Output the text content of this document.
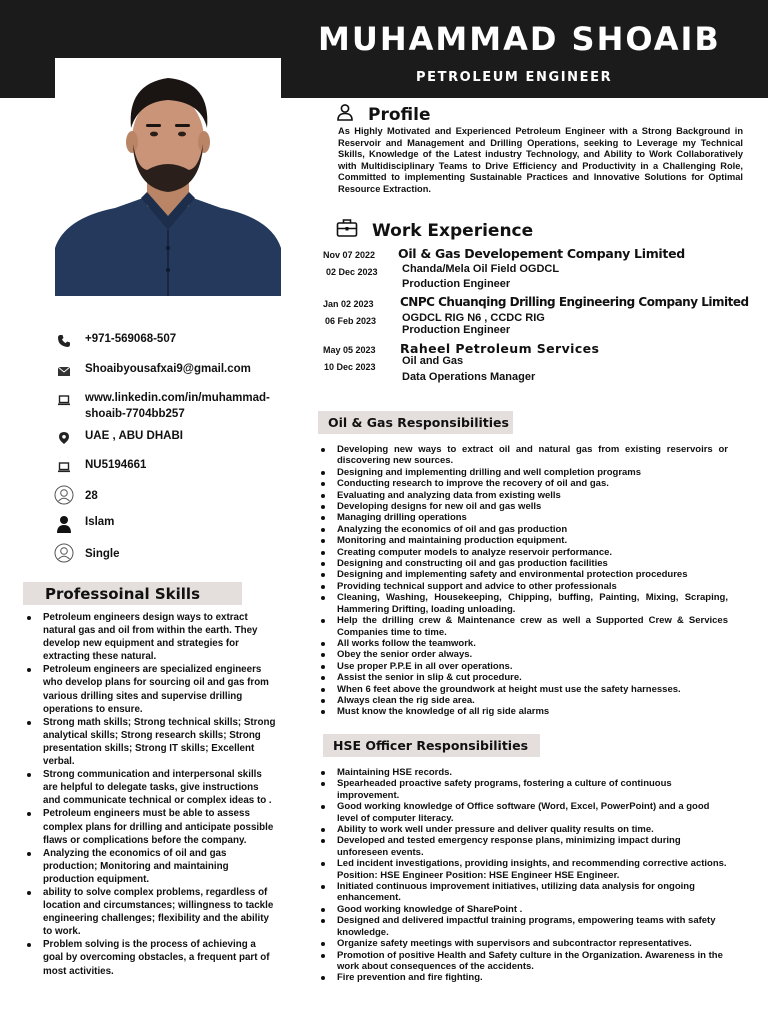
MUHAMMAD SHOAIB
PETROLEUM ENGINEER
+971-569068-507
Shoaibyousafxai9@gmail.com
www.linkedin.com/in/muhammad-shoaib-7704bb257
UAE , ABU DHABI
NU5194661
28
Islam
Single
Professoinal Skills
Petroleum engineers design ways to extract natural gas and oil from within the earth. They develop new equipment and strategies for extracting these natural.
Petroleum engineers are specialized engineers who develop plans for sourcing oil and gas from various drilling sites and supervise drilling operations to ensure.
Strong math skills; Strong technical skills; Strong analytical skills; Strong research skills; Strong presentation skills; Strong IT skills; Excellent verbal.
Strong communication and interpersonal skills are helpful to delegate tasks, give instructions and communicate technical or complex ideas to .
Petroleum engineers must be able to assess complex plans for drilling and anticipate possible flaws or complications before the company.
Analyzing the economics of oil and gas production; Monitoring and maintaining production equipment.
ability to solve complex problems, regardless of location and circumstances; willingness to tackle engineering challenges; flexibility and the ability to work.
Problem solving is the process of achieving a goal by overcoming obstacles, a frequent part of most activities.
Profile
As Highly Motivated and Experienced Petroleum Engineer with a Strong Background in Reservoir and Management and Drilling Operations, seeking to Leverage my Technical Skills, Knowledge of the Latest industry Technology, and Ability to Work Collaboratively with Multidisciplinary Teams to Drive Efficiency and Productivity in a Challenging Role, Committed to implementing Sustainable Practices and Innovative Solutions for Optimal Resource Extraction.
Work Experience
Nov 07 2022
02 Dec 2023
Oil & Gas Developement Company Limited
Chanda/Mela Oil Field OGDCL
Production Engineer
Jan 02 2023
06 Feb 2023
CNPC Chuanqing Drilling Engineering Company Limited
OGDCL RIG N6 , CCDC RIG
Production Engineer
May 05 2023
10 Dec 2023
Raheel Petroleum Services
Oil and Gas
Data Operations Manager
Oil & Gas Responsibilities
Developing new ways to extract oil and natural gas from existing reservoirs or discovering new sources.
Designing and implementing drilling and well completion programs
Conducting research to improve the recovery of oil and gas.
Evaluating and analyzing data from existing wells
Developing designs for new oil and gas wells
Managing drilling operations
Analyzing the economics of oil and gas production
Monitoring and maintaining production equipment.
Creating computer models to analyze reservoir performance.
Designing and constructing oil and gas production facilities
Designing and implementing safety and environmental protection procedures
Providing technical support and advice to other professionals
Cleaning, Washing, Housekeeping, Chipping, buffing, Painting, Mixing, Scraping, Hammering Drifting, loading unloading.
Help the drilling crew & Maintenance crew as well a Supported Crew & Services Companies time to time.
All works follow the teamwork.
Obey the senior order always.
Use proper P.P.E in all over operations.
Assist the senior in slip & cut procedure.
When 6 feet above the groundwork at height must use the safety harnesses.
Always clean the rig side area.
Must know the knowledge of all rig side alarms
HSE Officer Responsibilities
Maintaining HSE records.
Spearheaded proactive safety programs, fostering a culture of continuous improvement.
Good working knowledge of Office software (Word, Excel, PowerPoint) and a good level of computer literacy.
Ability to work well under pressure and deliver quality results on time.
Developed and tested emergency response plans, minimizing impact during unforeseen events.
Led incident investigations, providing insights, and recommending corrective actions. Position: HSE Engineer Position: HSE Engineer HSE Engineer.
Initiated continuous improvement initiatives, utilizing data analysis for ongoing enhancement.
Good working knowledge of SharePoint .
Designed and delivered impactful training programs, empowering teams with safety knowledge.
Organize safety meetings with supervisors and subcontractor representatives.
Promotion of positive Health and Safety culture in the Organization. Awareness in the work about consequences of the accidents.
Fire prevention and fire fighting.
